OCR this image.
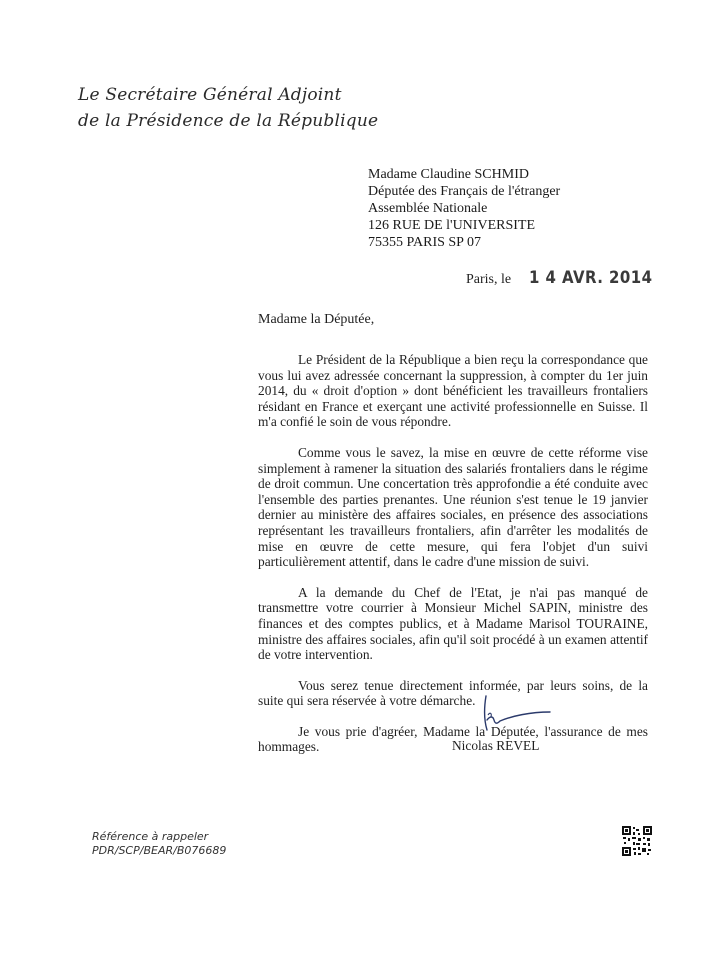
Le Secrétaire Général Adjoint
de la Présidence de la République
Madame Claudine SCHMID
Députée des Français de l'étranger
Assemblée Nationale
126 RUE DE l'UNIVERSITE
75355 PARIS SP 07
Paris, le 1 4 AVR. 2014
Madame la Députée,

Le Président de la République a bien reçu la correspondance que vous lui avez adressée concernant la suppression, à compter du 1er juin 2014, du « droit d'option » dont bénéficient les travailleurs frontaliers résidant en France et exerçant une activité professionnelle en Suisse. Il m'a confié le soin de vous répondre.

Comme vous le savez, la mise en œuvre de cette réforme vise simplement à ramener la situation des salariés frontaliers dans le régime de droit commun. Une concertation très approfondie a été conduite avec l'ensemble des parties prenantes. Une réunion s'est tenue le 19 janvier dernier au ministère des affaires sociales, en présence des associations représentant les travailleurs frontaliers, afin d'arrêter les modalités de mise en œuvre de cette mesure, qui fera l'objet d'un suivi particulièrement attentif, dans le cadre d'une mission de suivi.

A la demande du Chef de l'Etat, je n'ai pas manqué de transmettre votre courrier à Monsieur Michel SAPIN, ministre des finances et des comptes publics, et à Madame Marisol TOURAINE, ministre des affaires sociales, afin qu'il soit procédé à un examen attentif de votre intervention.

Vous serez tenue directement informée, par leurs soins, de la suite qui sera réservée à votre démarche.

Je vous prie d'agréer, Madame la Députée, l'assurance de mes hommages.	Nicolas REVEL
Référence à rappeler
PDR/SCP/BEAR/B076689
